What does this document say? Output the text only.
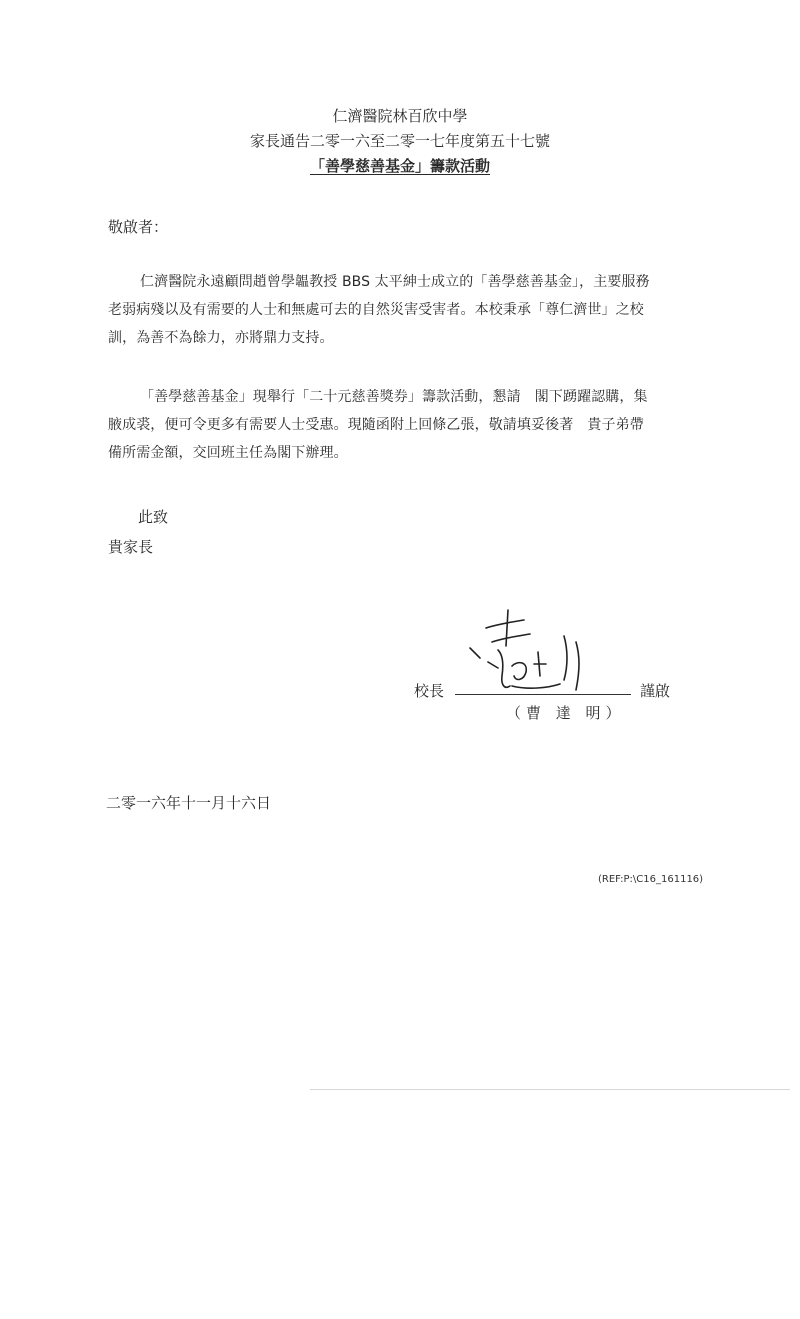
仁濟醫院林百欣中學
家長通告二零一六至二零一七年度第五十七號
「善學慈善基金」籌款活動
敬啟者：
仁濟醫院永遠顧問趙曾學韞教授 BBS 太平紳士成立的「善學慈善基金」，主要服務
老弱病殘以及有需要的人士和無處可去的自然災害受害者。本校秉承「尊仁濟世」之校
訓，為善不為餘力，亦將鼎力支持。
「善學慈善基金」現舉行「二十元慈善獎券」籌款活動，懇請　閣下踴躍認購，集
腋成裘，便可令更多有需要人士受惠。現隨函附上回條乙張，敬請填妥後著　貴子弟帶
備所需金額，交回班主任為閣下辦理。
此致
貴家長
校長	謹啟
（曹 達 明）
二零一六年十一月十六日
(REF:P:\C16_161116)
